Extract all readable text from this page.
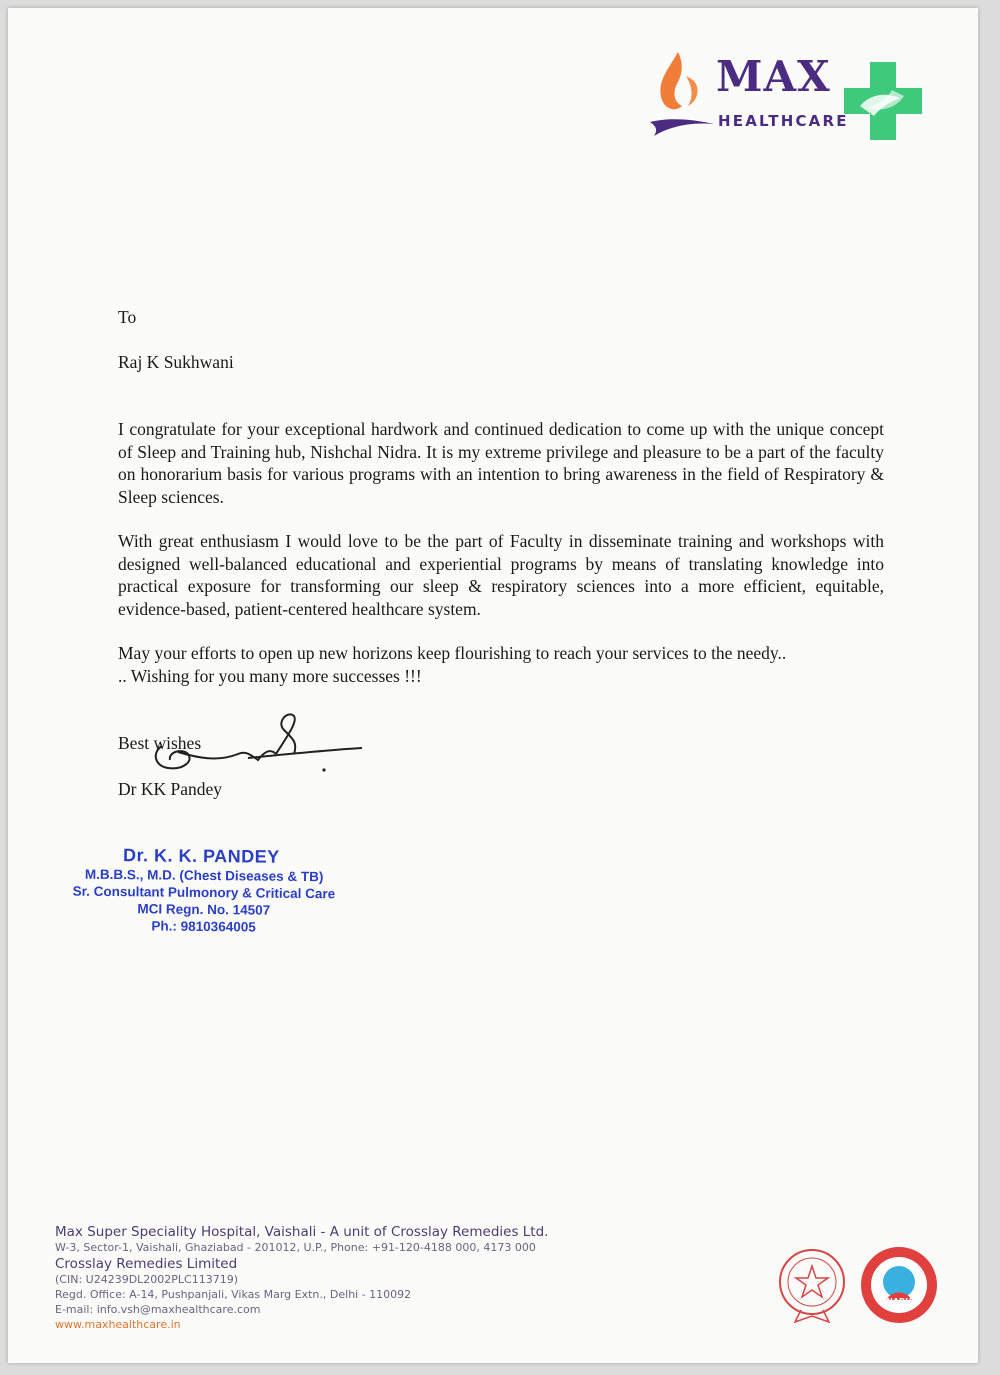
MAX
HEALTHCARE
To
Raj K Sukhwani
I congratulate for your exceptional hardwork and continued dedication to come up with the unique concept of Sleep and Training hub, Nishchal Nidra. It is my extreme privilege and pleasure to be a part of the faculty on honorarium basis for various programs with an intention to bring awareness in the field of Respiratory & Sleep sciences.
With great enthusiasm I would love to be the part of Faculty in disseminate training and workshops with designed well-balanced educational and experiential programs by means of translating knowledge into practical exposure for transforming our sleep & respiratory sciences into a more efficient, equitable, evidence-based, patient-centered healthcare system.
May your efforts to open up new horizons keep flourishing to reach your services to the needy..
.. Wishing for you many more successes !!!
Best wishes
Dr KK Pandey
Dr. K. K. PANDEY
M.B.B.S., M.D. (Chest Diseases & TB)
Sr. Consultant Pulmonory & Critical Care
MCI Regn. No. 14507
Ph.: 9810364005
Max Super Speciality Hospital, Vaishali - A unit of Crosslay Remedies Ltd.
W-3, Sector-1, Vaishali, Ghaziabad - 201012, U.P., Phone: +91-120-4188 000, 4173 000
Crosslay Remedies Limited
(CIN: U24239DL2002PLC113719)
Regd. Office: A-14, Pushpanjali, Vikas Marg Extn., Delhi - 110092
E-mail: info.vsh@maxhealthcare.com
www.maxhealthcare.in
NABH
